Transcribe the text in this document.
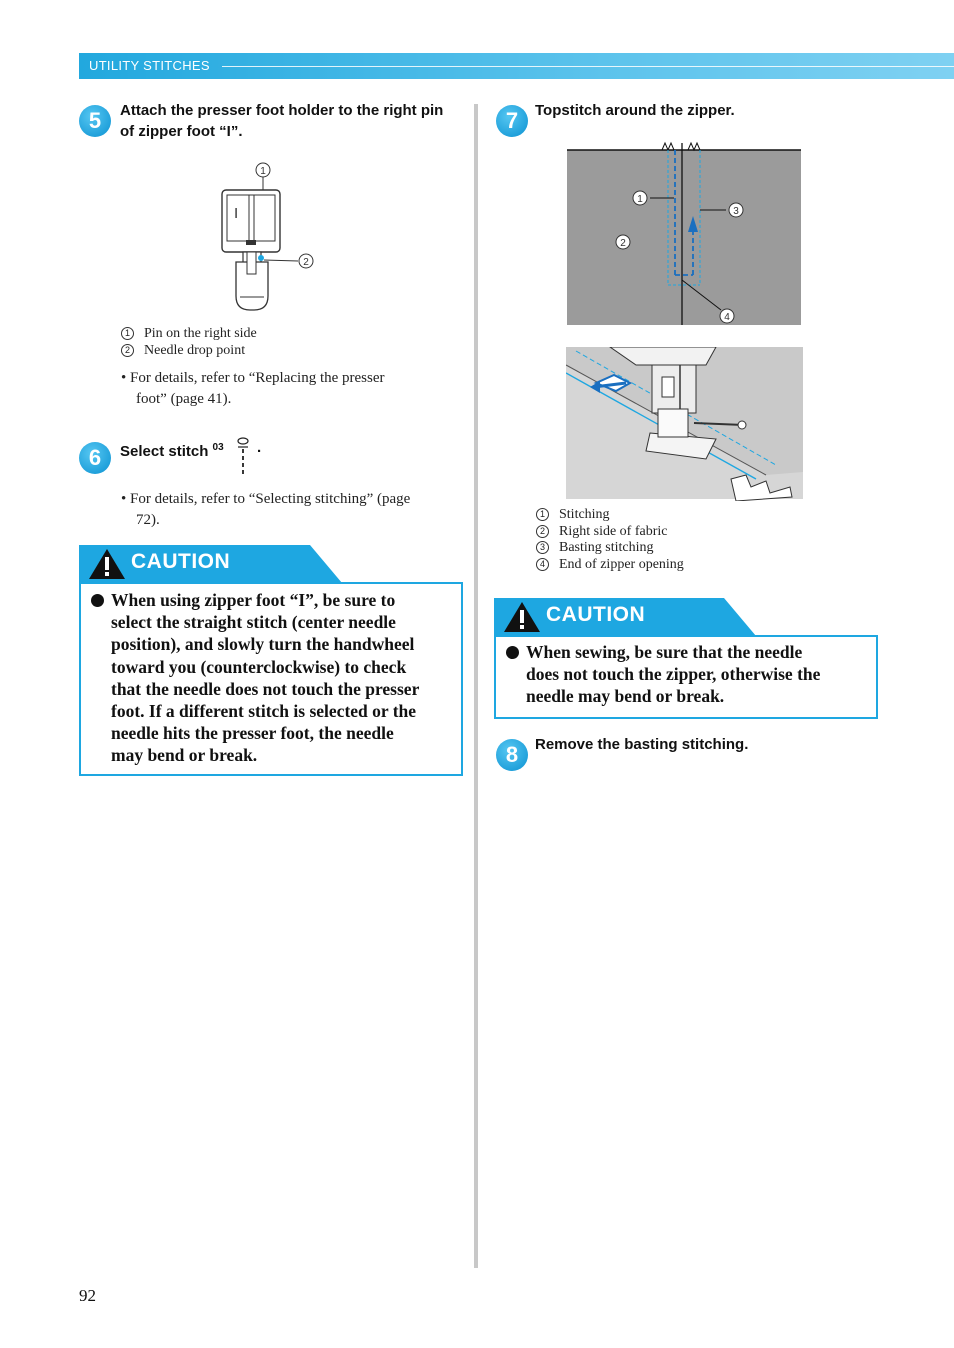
UTILITY STITCHES
5	Attach the presser foot holder to the right pin
of zipper foot “I”.
1
I
2
1 Pin on the right side
2 Needle drop point
• For details, refer to “Replacing the presser
foot” (page 41).
6	Select stitch $^{03}$ .
• For details, refer to “Selecting stitching” (page
72).
CAUTION
When using zipper foot “I”, be sure to
select the straight stitch (center needle
position), and slowly turn the handwheel
toward you (counterclockwise) to check
that the needle does not touch the presser
foot. If a different stitch is selected or the
needle hits the presser foot, the needle
may bend or break.
7	Topstitch around the zipper.
1
2
3
4
1 Stitching
2 Right side of fabric
3 Basting stitching
4 End of zipper opening
CAUTION
When sewing, be sure that the needle
does not touch the zipper, otherwise the
needle may bend or break.
8	Remove the basting stitching.
92
